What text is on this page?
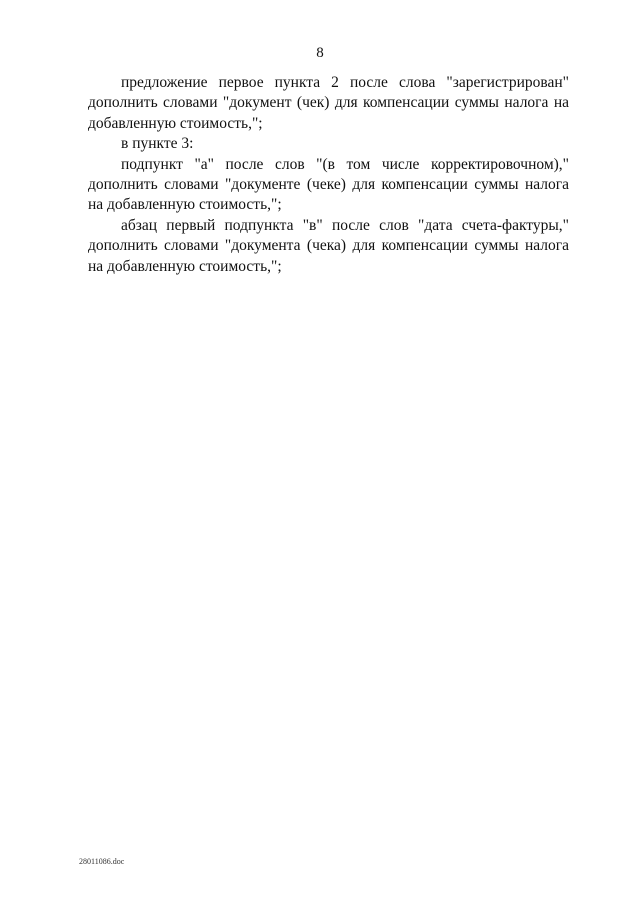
8

предложение первое пункта 2 после слова "зарегистрирован" дополнить словами "документ (чек) для компенсации суммы налога на добавленную стоимость,";

в пункте 3:

подпункт "а" после слов "(в том числе корректировочном)," дополнить словами "документе (чеке) для компенсации суммы налога на добавленную стоимость,";

абзац первый подпункта "в" после слов "дата счета-фактуры," дополнить словами "документа (чека) для компенсации суммы налога на добавленную стоимость,";

28011086.doc
